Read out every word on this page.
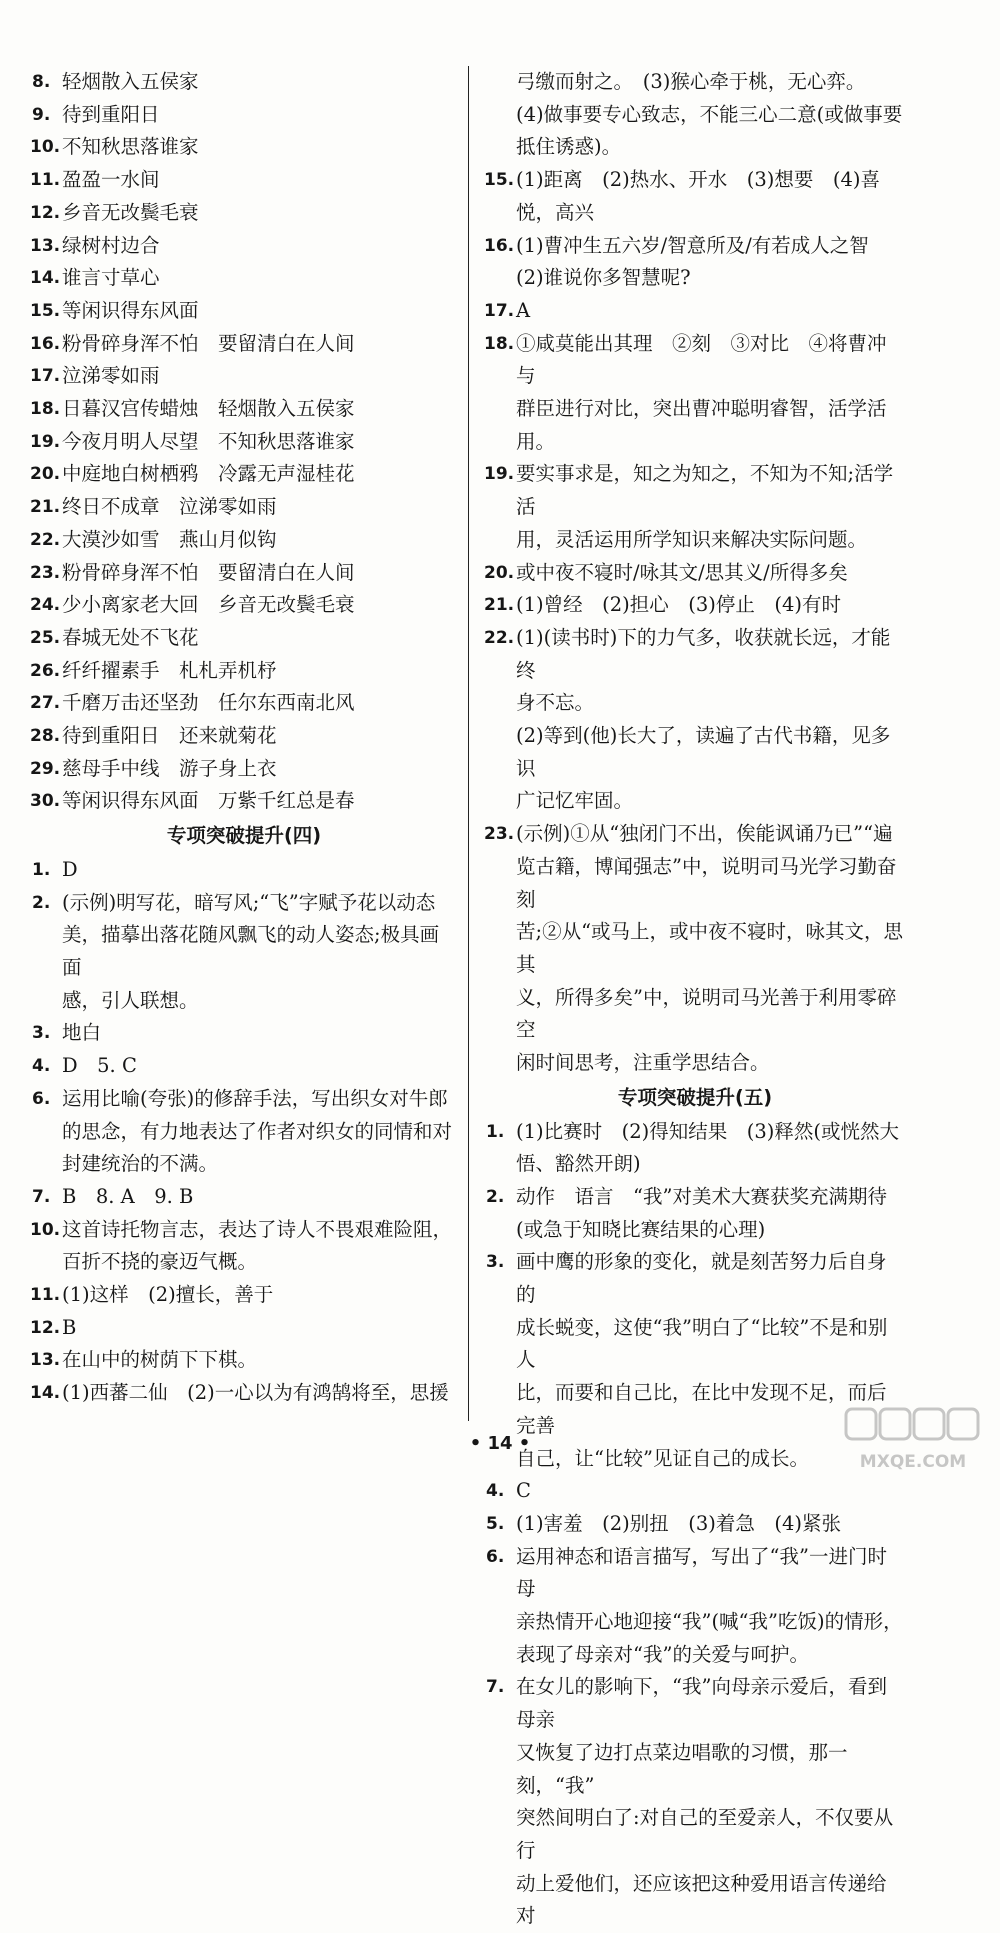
8. 轻烟散入五侯家
9. 待到重阳日
10. 不知秋思落谁家
11. 盈盈一水间
12. 乡音无改鬓毛衰
13. 绿树村边合
14. 谁言寸草心
15. 等闲识得东风面
16. 粉骨碎身浑不怕　要留清白在人间
17. 泣涕零如雨
18. 日暮汉宫传蜡烛　轻烟散入五侯家
19. 今夜月明人尽望　不知秋思落谁家
20. 中庭地白树栖鸦　冷露无声湿桂花
21. 终日不成章　泣涕零如雨
22. 大漠沙如雪　燕山月似钩
23. 粉骨碎身浑不怕　要留清白在人间
24. 少小离家老大回　乡音无改鬓毛衰
25. 春城无处不飞花
26. 纤纤擢素手　札札弄机杼
27. 千磨万击还坚劲　任尔东西南北风
28. 待到重阳日　还来就菊花
29. 慈母手中线　游子身上衣
30. 等闲识得东风面　万紫千红总是春
专项突破提升(四)
1. D
2. (示例)明写花，暗写风;“飞”字赋予花以动态
美，描摹出落花随风飘飞的动人姿态;极具画面
感，引人联想。
3. 地白
4. D　5. C
6. 运用比喻(夸张)的修辞手法，写出织女对牛郎
的思念，有力地表达了作者对织女的同情和对
封建统治的不满。
7. B　8. A　9. B
10. 这首诗托物言志，表达了诗人不畏艰难险阻，
百折不挠的豪迈气概。
11. (1)这样　(2)擅长，善于
12. B
13. 在山中的树荫下下棋。
14. (1)西蕃二仙　(2)一心以为有鸿鹄将至，思援
弓缴而射之。　(3)猴心牵于桃，无心弈。
(4)做事要专心致志，不能三心二意(或做事要
抵住诱惑)。
15. (1)距离　(2)热水、开水　(3)想要　(4)喜
悦，高兴
16. (1)曹冲生五六岁/智意所及/有若成人之智
(2)谁说你多智慧呢?
17. A
18. ①咸莫能出其理　②刻　③对比　④将曹冲与
群臣进行对比，突出曹冲聪明睿智，活学活用。
19. 要实事求是，知之为知之，不知为不知;活学活
用，灵活运用所学知识来解决实际问题。
20. 或中夜不寝时/咏其文/思其义/所得多矣
21. (1)曾经　(2)担心　(3)停止　(4)有时
22. (1)(读书时)下的力气多，收获就长远，才能终
身不忘。
(2)等到(他)长大了，读遍了古代书籍，见多识
广记忆牢固。
23. (示例)①从“独闭门不出，俟能讽诵乃已”“遍
览古籍，博闻强志”中，说明司马光学习勤奋刻
苦;②从“或马上，或中夜不寝时，咏其文，思其
义，所得多矣”中，说明司马光善于利用零碎空
闲时间思考，注重学思结合。
专项突破提升(五)
1. (1)比赛时　(2)得知结果　(3)释然(或恍然大
悟、豁然开朗)
2. 动作　语言　“我”对美术大赛获奖充满期待
(或急于知晓比赛结果的心理)
3. 画中鹰的形象的变化，就是刻苦努力后自身的
成长蜕变，这使“我”明白了“比较”不是和别人
比，而要和自己比，在比中发现不足，而后完善
自己，让“比较”见证自己的成长。
4. C
5. (1)害羞　(2)别扭　(3)着急　(4)紧张
6. 运用神态和语言描写，写出了“我”一进门时母
亲热情开心地迎接“我”(喊“我”吃饭)的情形，
表现了母亲对“我”的关爱与呵护。
7. 在女儿的影响下，“我”向母亲示爱后，看到母亲
又恢复了边打点菜边唱歌的习惯，那一刻，“我”
突然间明白了:对自己的至爱亲人，不仅要从行
动上爱他们，还应该把这种爱用语言传递给对
• 14 •
MXQE.COM
